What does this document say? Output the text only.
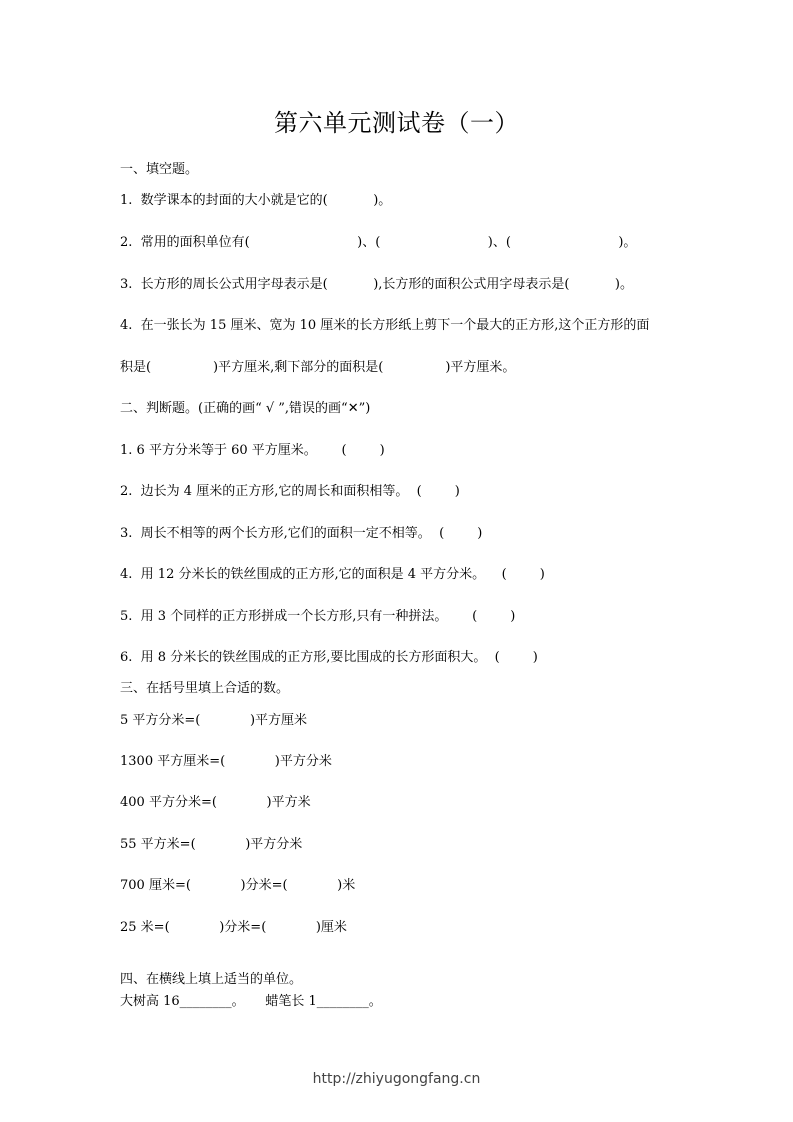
第六单元测试卷（一）
一、填空题。
1.  数学课本的封面的大小就是它的(           )。
2.  常用的面积单位有(                          )、(                          )、(                          )。
3.  长方形的周长公式用字母表示是(           ),长方形的面积公式用字母表示是(           )。
4.  在一张长为 15 厘米、宽为 10 厘米的长方形纸上剪下一个最大的正方形,这个正方形的面
积是(               )平方厘米,剩下部分的面积是(               )平方厘米。
二、判断题。(正确的画“ √ ”,错误的画“✕”)
1. 6 平方分米等于 60 平方厘米。      (        )
2.  边长为 4 厘米的正方形,它的周长和面积相等。  (        )
3.  周长不相等的两个长方形,它们的面积一定不相等。  (        )
4.  用 12 分米长的铁丝围成的正方形,它的面积是 4 平方分米。    (        )
5.  用 3 个同样的正方形拼成一个长方形,只有一种拼法。      (        )
6.  用 8 分米长的铁丝围成的正方形,要比围成的长方形面积大。  (        )
三、在括号里填上合适的数。
5 平方分米=(            )平方厘米
1300 平方厘米=(            )平方分米
400 平方分米=(            )平方米
55 平方米=(            )平方分米
700 厘米=(            )分米=(            )米
25 米=(            )分米=(            )厘米
四、在横线上填上适当的单位。
大树高 16________。     蜡笔长 1________。
http://zhiyugongfang.cn
